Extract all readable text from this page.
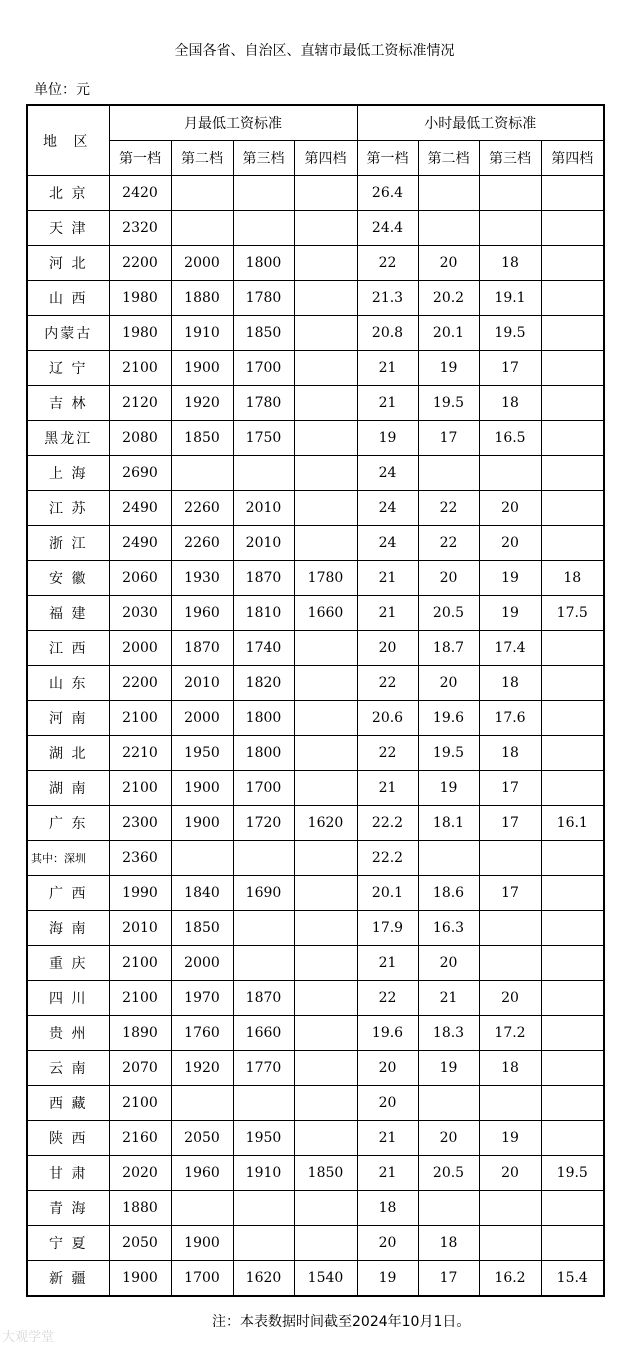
全国各省、自治区、直辖市最低工资标准情况
单位：元
地 区	月最低工资标准				小时最低工资标准			
	第一档	第二档	第三档	第四档	第一档	第二档	第三档	第四档
北 京	2420				26.4			
天 津	2320				24.4			
河 北	2200	2000	1800		22	20	18	
山 西	1980	1880	1780		21.3	20.2	19.1	
内蒙古	1980	1910	1850		20.8	20.1	19.5	
辽 宁	2100	1900	1700		21	19	17	
吉 林	2120	1920	1780		21	19.5	18	
黑龙江	2080	1850	1750		19	17	16.5	
上 海	2690				24			
江 苏	2490	2260	2010		24	22	20	
浙 江	2490	2260	2010		24	22	20	
安 徽	2060	1930	1870	1780	21	20	19	18
福 建	2030	1960	1810	1660	21	20.5	19	17.5
江 西	2000	1870	1740		20	18.7	17.4	
山 东	2200	2010	1820		22	20	18	
河 南	2100	2000	1800		20.6	19.6	17.6	
湖 北	2210	1950	1800		22	19.5	18	
湖 南	2100	1900	1700		21	19	17	
广 东	2300	1900	1720	1620	22.2	18.1	17	16.1
其中：深圳	2360				22.2			
广 西	1990	1840	1690		20.1	18.6	17	
海 南	2010	1850			17.9	16.3		
重 庆	2100	2000			21	20		
四 川	2100	1970	1870		22	21	20	
贵 州	1890	1760	1660		19.6	18.3	17.2	
云 南	2070	1920	1770		20	19	18	
西 藏	2100				20			
陕 西	2160	2050	1950		21	20	19	
甘 肃	2020	1960	1910	1850	21	20.5	20	19.5
青 海	1880				18			
宁 夏	2050	1900			20	18		
新 疆	1900	1700	1620	1540	19	17	16.2	15.4
注：本表数据时间截至2024年10月1日。
大观学堂
